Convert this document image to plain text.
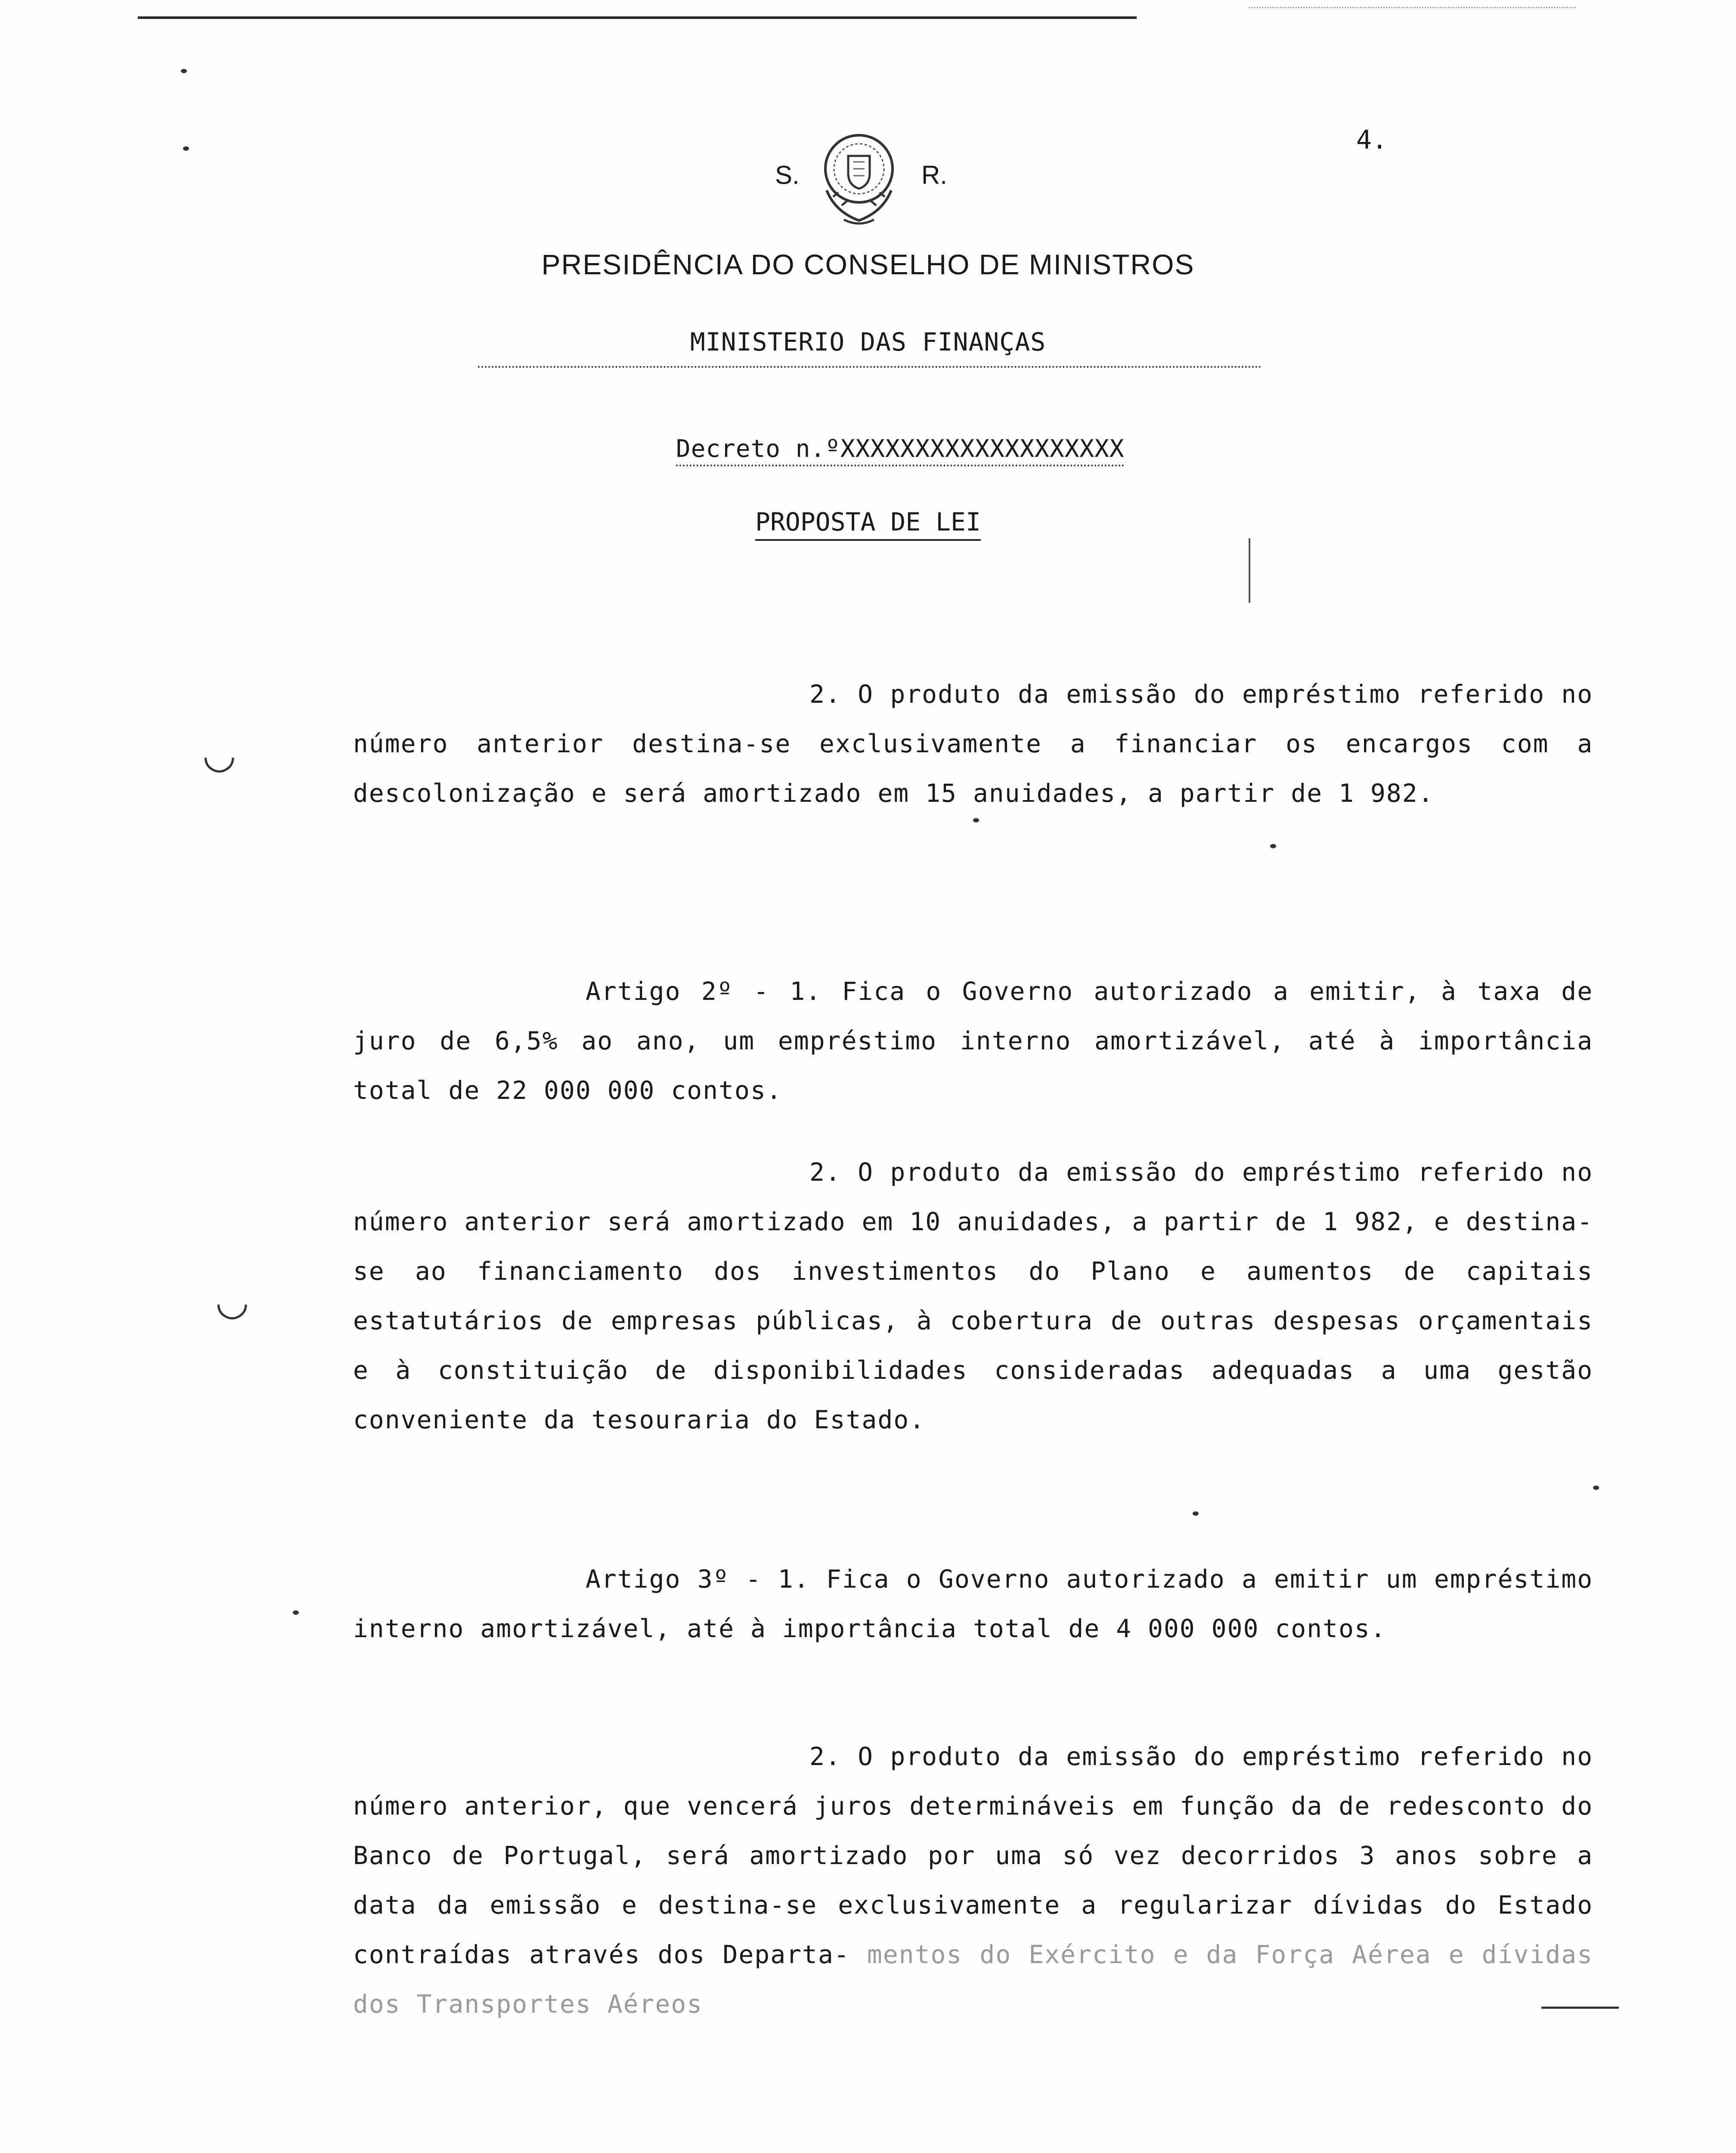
4.
S.	R.
PRESIDÊNCIA DO CONSELHO DE MINISTROS
MINISTERIO DAS FINANÇAS
Decreto n.ºXXXXXXXXXXXXXXXXXXX
PROPOSTA DE LEI

2. O produto da emissão do empréstimo referido no número anterior destina-se exclusivamente a financiar os encargos com a descolonização e será amortizado em 15 anuidades, a partir de 1 982.

Artigo 2º - 1. Fica o Governo autorizado a emitir, à taxa de juro de 6,5% ao ano, um empréstimo interno amortizável, até à importância total de 22 000 000 contos.

2. O produto da emissão do empréstimo referido no número anterior será amortizado em 10 anuidades, a partir de 1 982, e destina-se ao financiamento dos investimentos do Plano e aumentos de capitais estatutários de empresas públicas, à cobertura de outras despesas orçamentais e à constituição de disponibilidades consideradas adequadas a uma gestão conveniente da tesouraria do Estado.

Artigo 3º - 1. Fica o Governo autorizado a emitir um empréstimo interno amortizável, até à importância total de 4 000 000 contos.

2. O produto da emissão do empréstimo referido no número anterior, que vencerá juros determináveis em função da de redesconto do Banco de Portugal, será amortizado por uma só vez decorridos 3 anos sobre a data da emissão e destina-se exclusivamente a regularizar dívidas do Estado contraídas através dos Departa- mentos do Exército e da Força Aérea e dívidas dos Transportes Aéreos

◡
◡
